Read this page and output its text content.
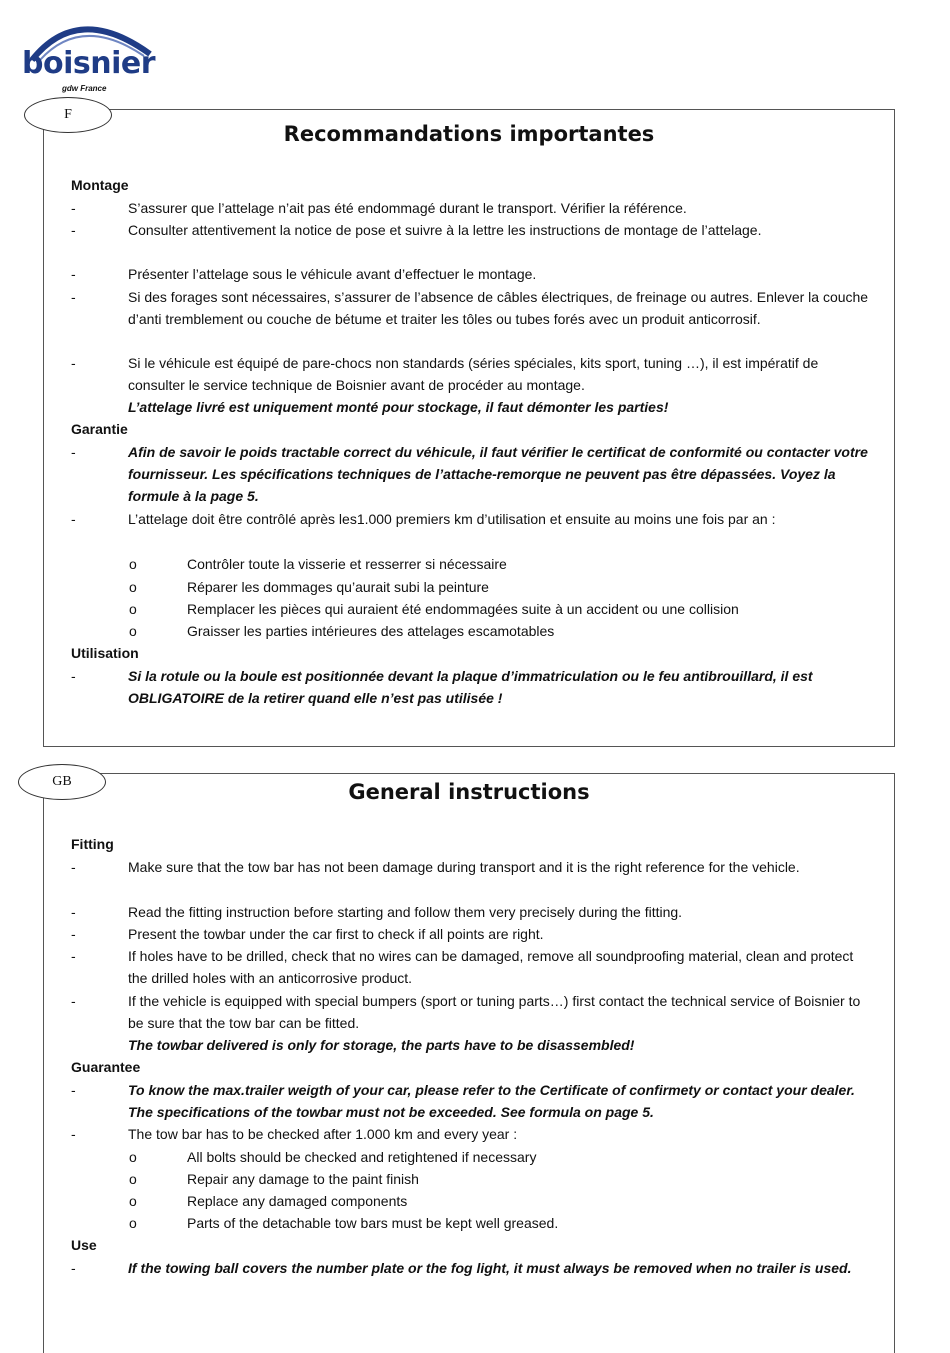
boisnier
gdw France
Recommandations importantes
Montage
-	S’assurer que l’attelage n’ait pas été endommagé durant le transport. Vérifier la référence.
-	Consulter attentivement la notice de pose et suivre à la lettre les instructions de montage de l’attelage.
-	Présenter l’attelage sous le véhicule avant d’effectuer le montage.
-	Si des forages sont nécessaires, s’assurer de l’absence de câbles électriques, de freinage ou autres. Enlever la couche d’anti tremblement ou couche de bétume et traiter les tôles ou tubes forés avec un produit anticorrosif.
-	Si le véhicule est équipé de pare-chocs non standards (séries spéciales, kits sport, tuning …), il est impératif de consulter le service technique de Boisnier avant de procéder au montage.
L’attelage livré est uniquement monté pour stockage, il faut démonter les parties!
Garantie
-	Afin de savoir le poids tractable correct du véhicule, il faut vérifier le certificat de conformité ou contacter votre fournisseur. Les spécifications techniques de l’attache-remorque ne peuvent pas être dépassées. Voyez la formule à la page 5.
-	L’attelage doit être contrôlé après les1.000 premiers km d’utilisation et ensuite au moins une fois par an :
o	Contrôler toute la visserie et resserrer si nécessaire
o	Réparer les dommages qu’aurait subi la peinture
o	Remplacer les pièces qui auraient été endommagées suite à un accident ou une collision
o	Graisser les parties intérieures des attelages escamotables
Utilisation
-	Si la rotule ou la boule est positionnée devant la plaque d’immatriculation ou le feu antibrouillard, il est OBLIGATOIRE de la retirer quand elle n’est pas utilisée !
F
General instructions
Fitting
-	Make sure that the tow bar has not been damage during transport and it is the right reference for the vehicle.
-	Read the fitting instruction before starting and follow them very precisely during the fitting.
-	Present the towbar under the car first to check if all points are right.
-	If holes have to be drilled, check that no wires can be damaged, remove all soundproofing material, clean and protect the drilled holes with an anticorrosive product.
-	If the vehicle is equipped with special bumpers (sport or tuning parts…) first contact the technical service of Boisnier to be sure that the tow bar can be fitted.
The towbar delivered is only for storage, the parts have to be disassembled!
Guarantee
-	To know the max.trailer weigth of your car, please refer to the Certificate of confirmety or contact your dealer. The specifications of the towbar must not be exceeded. See formula on page 5.
-	The tow bar has to be checked after 1.000 km and every year :
o	All bolts should be checked and retightened if necessary
o	Repair any damage to the paint finish
o	Replace any damaged components
o	Parts of the detachable tow bars must be kept well greased.
Use
-	If the towing ball covers the number plate or the fog light, it must always be removed when no trailer is used.
GB
